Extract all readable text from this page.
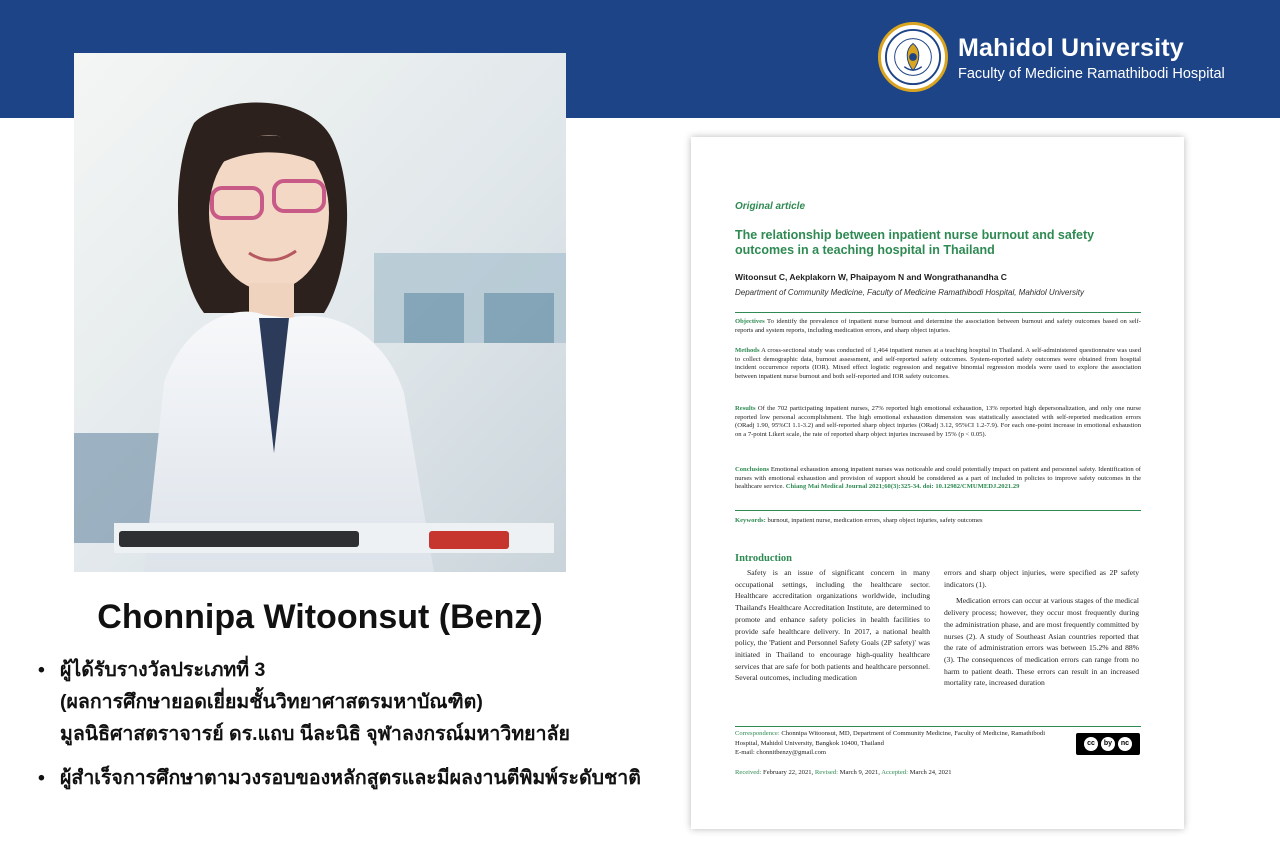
Mahidol University
Faculty of Medicine Ramathibodi Hospital
Chonnipa Witoonsut (Benz)
• ผู้ได้รับรางวัลประเภทที่ 3
(ผลการศึกษายอดเยี่ยมชั้นวิทยาศาสตรมหาบัณฑิต)
มูลนิธิศาสตราจารย์ ดร.แถบ นีละนิธิ จุฬาลงกรณ์มหาวิทยาลัย
• ผู้สำเร็จการศึกษาตามวงรอบของหลักสูตรและมีผลงานตีพิมพ์ระดับชาติ
Original article
The relationship between inpatient nurse burnout and safety outcomes in a teaching hospital in Thailand
Witoonsut C, Aekplakorn W, Phaipayom N and Wongrathanandha C
Department of Community Medicine, Faculty of Medicine Ramathibodi Hospital, Mahidol University
Objectives To identify the prevalence of inpatient nurse burnout and determine the association between burnout and safety outcomes based on self-reports and system reports, including medication errors, and sharp object injuries.
Methods A cross-sectional study was conducted of 1,464 inpatient nurses at a teaching hospital in Thailand. A self-administered questionnaire was used to collect demographic data, burnout assessment, and self-reported safety outcomes. System-reported safety outcomes were obtained from hospital incident occurrence reports (IOR). Mixed effect logistic regression and negative binomial regression models were used to explore the association between inpatient nurse burnout and both self-reported and IOR safety outcomes.
Results Of the 702 participating inpatient nurses, 27% reported high emotional exhaustion, 13% reported high depersonalization, and only one nurse reported low personal accomplishment. The high emotional exhaustion dimension was statistically associated with self-reported medication errors (ORadj 1.90, 95%CI 1.1-3.2) and self-reported sharp object injuries (ORadj 3.12, 95%CI 1.2-7.9). For each one-point increase in emotional exhaustion on a 7-point Likert scale, the rate of reported sharp object injuries increased by 15% (p < 0.05).
Conclusions Emotional exhaustion among inpatient nurses was noticeable and could potentially impact on patient and personnel safety. Identification of nurses with emotional exhaustion and provision of support should be considered as a part of included in policies to improve safety outcomes in the healthcare service. Chiang Mai Medical Journal 2021;60(3):325-34. doi: 10.12982/CMUMEDJ.2021.29
Keywords: burnout, inpatient nurse, medication errors, sharp object injuries, safety outcomes
Introduction

Safety is an issue of significant concern in many occupational settings, including the healthcare sector. Healthcare accreditation organizations worldwide, including Thailand's Healthcare Accreditation Institute, are determined to promote and enhance safety policies in health facilities to provide safe healthcare delivery. In 2017, a national health policy, the 'Patient and Personnel Safety Goals (2P safety)' was initiated in Thailand to encourage high-quality healthcare services that are safe for both patients and healthcare personnel. Several outcomes, including medication

errors and sharp object injuries, were specified as 2P safety indicators (1).

Medication errors can occur at various stages of the medical delivery process; however, they occur most frequently during the administration phase, and are most frequently committed by nurses (2). A study of Southeast Asian countries reported that the rate of administration errors was between 15.2% and 88% (3). The consequences of medication errors can range from no harm to patient death. These errors can result in an increased mortality rate, increased duration

Correspondence: Chonnipa Witoonsut, MD, Department of Community Medicine, Faculty of Medicine, Ramathibodi Hospital, Mahidol University, Bangkok 10400, Thailand
E-mail: chonnitbenzy@gmail.com
cc	by	nc
Received: February 22, 2021, Revised: March 9, 2021, Accepted: March 24, 2021
